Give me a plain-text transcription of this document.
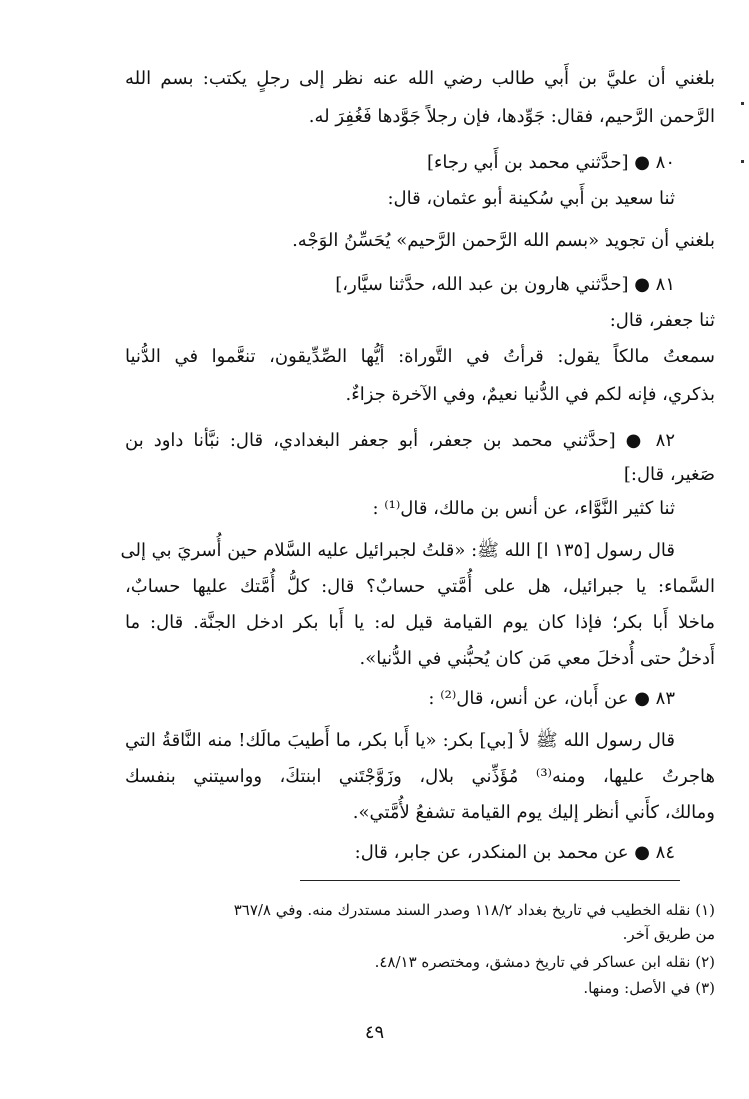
بلغني أن عليَّ بن أَبي طالب رضي الله عنه نظر إلى رجلٍ يكتب: بسم الله
الرَّحمن الرَّحيم، فقال: جَوِّدها، فإن رجلاً جَوَّدها فَغُفِرَ له.
٨٠ ● [حدَّثني محمد بن أَبي رجاء]
ثنا سعيد بن أَبي سُكينة أبو عثمان، قال:
بلغني أن تجويد «بسم الله الرَّحمن الرَّحيم» يُحَسِّنُ الوَجْه.
٨١ ● [حدَّثني هارون بن عبد الله، حدَّثنا سيَّار،]
ثنا جعفر، قال:
سمعتُ مالكاً يقول: قرأتُ في التَّوراة: أيُّها الصِّدِّيقون، تنعَّموا في الدُّنيا
بذكري، فإنه لكم في الدُّنيا نعيمٌ، وفي الآخرة جزاءٌ.
٨٢ ● [حدَّثني محمد بن جعفر، أبو جعفر البغدادي، قال: نبَّأنا داود بن
صَغير، قال:]
ثنا كثير النَّوَّاء، عن أنس بن مالك، قال⁽¹⁾ :
قال رسول [١٣٥ ا] الله ﷺ: «قلتُ لجبرائيل عليه السَّلام حين أُسريَ بي إلى
السَّماء: يا جبرائيل، هل على أُمَّتي حسابٌ؟ قال: كلُّ أُمَّتك عليها حسابٌ،
ماخلا أَبا بكر؛ فإذا كان يوم القيامة قيل له: يا أَبا بكر ادخل الجنَّة. قال: ما
أَدخلُ حتى أُدخلَ معي مَن كان يُحبُّني في الدُّنيا».
٨٣ ● عن أَبان، عن أنس، قال⁽²⁾ :
قال رسول الله ﷺ لأ [بي] بكر: «يا أَبا بكر، ما أَطيبَ مالَك! منه النَّاقةُ التي
هاجرتُ عليها، ومنه⁽³⁾ مُؤَذِّني بلال، وزَوَّجْتَني ابنتكَ، وواسيتني بنفسك
ومالك، كأَني أنظر إليك يوم القيامة تشفعُ لأُمَّتي».
٨٤ ● عن محمد بن المنكدر، عن جابر، قال:
(١) نقله الخطيب في تاريخ بغداد ١١٨/٢ وصدر السند مستدرك منه. وفي ٣٦٧/٨
من طريق آخر.
(٢) نقله ابن عساكر في تاريخ دمشق، ومختصره ٤٨/١٣.
(٣) في الأصل: ومنها.
٤٩
